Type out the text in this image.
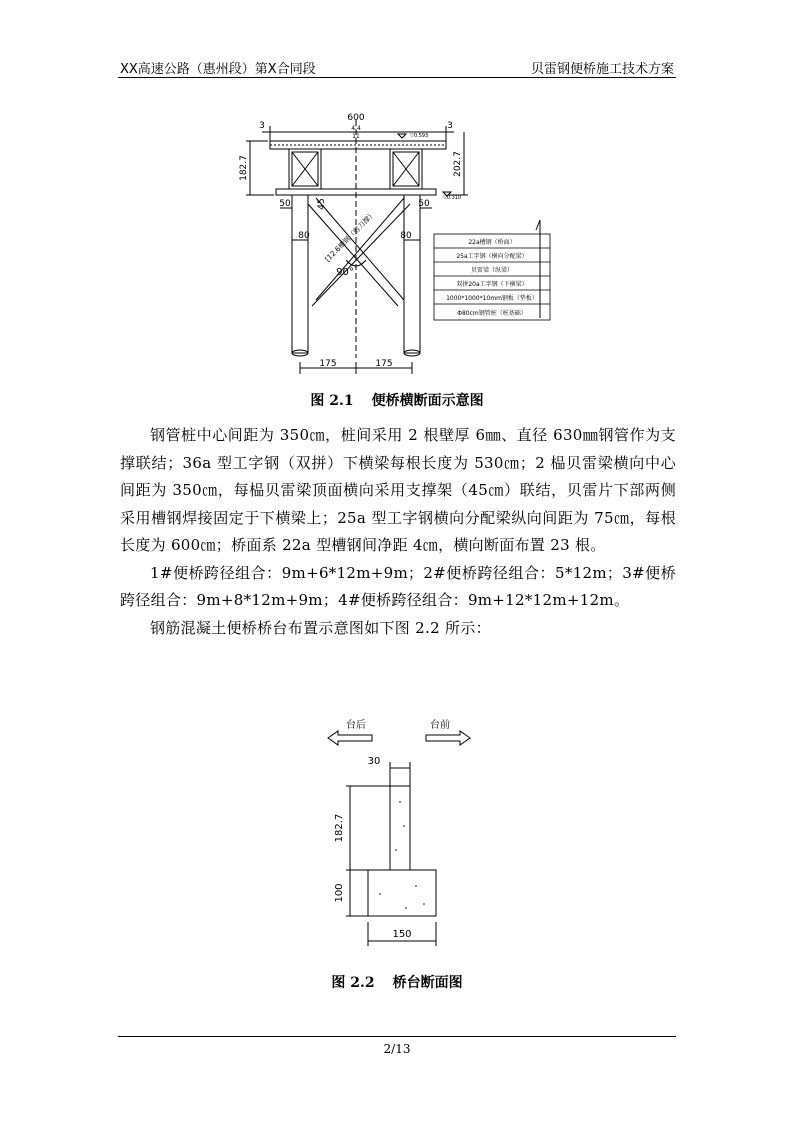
XX高速公路（惠州段）第X合同段	贝雷钢便桥施工技术方案
600
3	3
4 4
11	▽0.593
▽0.310
182.7	202.7
50	50
45
80	80
175	175
90°
[12.6槽钢（剪刀撑）	22a槽钢（桥面）
25a工字钢（横向分配梁）
贝雷梁（纵梁）
双拼20a工字钢（下横梁）
1000*1000*10mm钢板（垫板）
Φ80cm钢管桩（桩基础）
图 2.1 便桥横断面示意图

钢管桩中心间距为 350㎝，桩间采用 2 根壁厚 6㎜、直径 630㎜钢管作为支撑联结；36a 型工字钢（双拼）下横梁每根长度为 530㎝；2 榀贝雷梁横向中心间距为 350㎝，每榀贝雷梁顶面横向采用支撑架（45㎝）联结，贝雷片下部两侧采用槽钢焊接固定于下横梁上；25a 型工字钢横向分配梁纵向间距为 75㎝，每根长度为 600㎝；桥面系 22a 型槽钢间净距 4㎝，横向断面布置 23 根。

1#便桥跨径组合：9m+6*12m+9m；2#便桥跨径组合：5*12m；3#便桥跨径组合：9m+8*12m+9m；4#便桥跨径组合：9m+12*12m+12m。

钢筋混凝土便桥桥台布置示意图如下图 2.2 所示：

台后	台前
30
182.7
100
150
图 2.2 桥台断面图
2/13
